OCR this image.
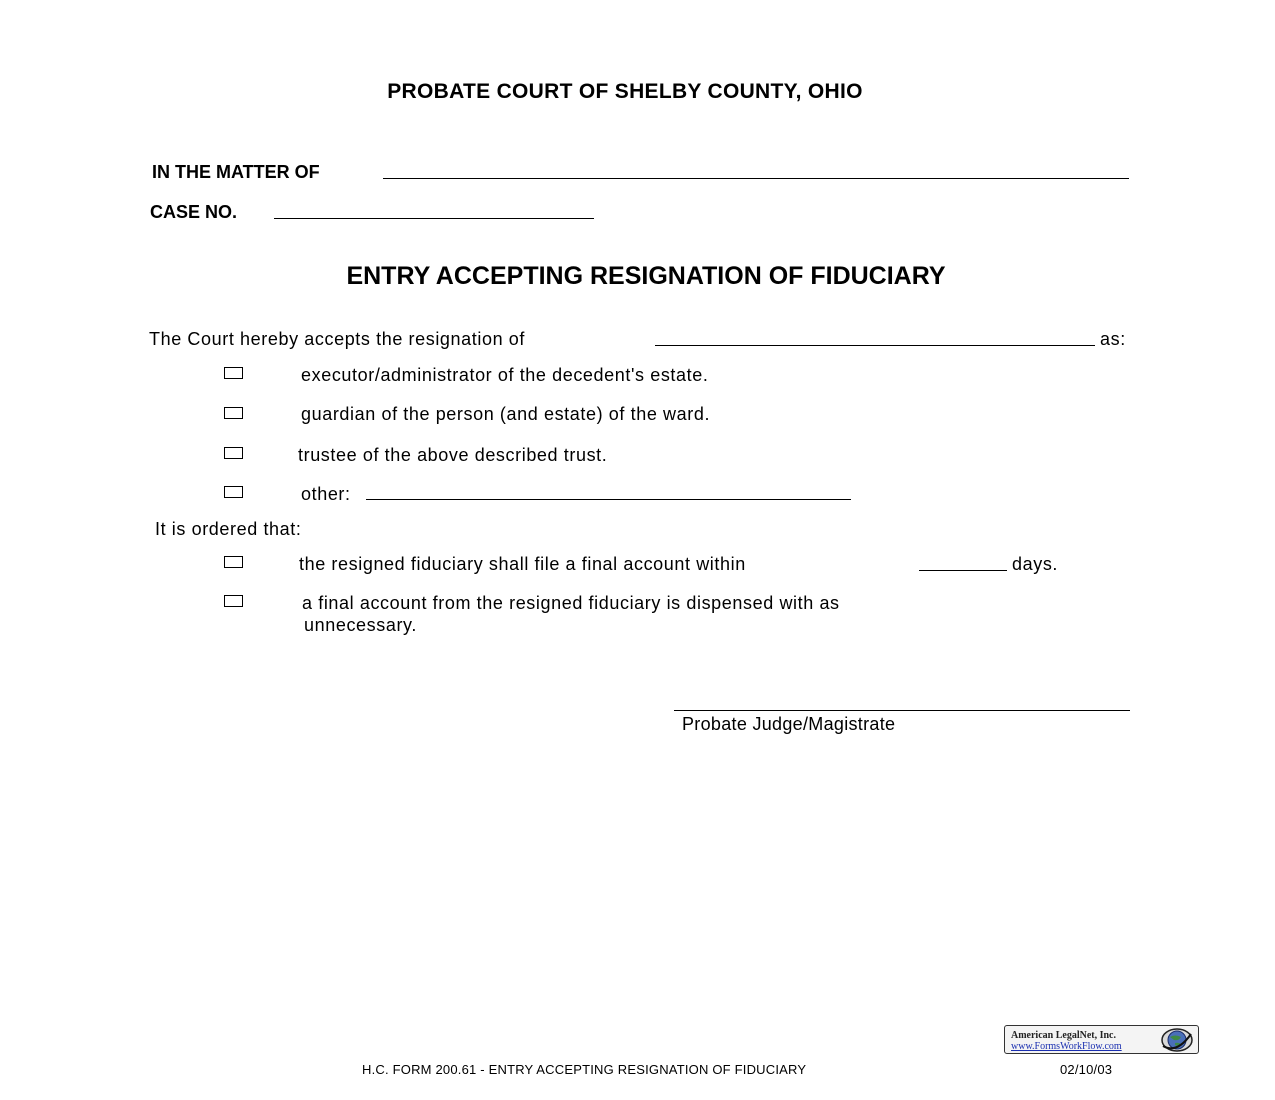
PROBATE COURT OF SHELBY COUNTY, OHIO
IN THE MATTER OF
CASE NO.
ENTRY ACCEPTING RESIGNATION OF FIDUCIARY
The Court hereby accepts the resignation of	as:
executor/administrator of the decedent's estate.
guardian of the person (and estate) of the ward.
trustee of the above described trust.
other:
It is ordered that:
the resigned fiduciary shall file a final account within	days.
a final account from the resigned fiduciary is dispensed with as
unnecessary.
Probate Judge/Magistrate
American LegalNet, Inc.
www.FormsWorkFlow.com
H.C. FORM 200.61 - ENTRY ACCEPTING RESIGNATION OF FIDUCIARY	02/10/03
